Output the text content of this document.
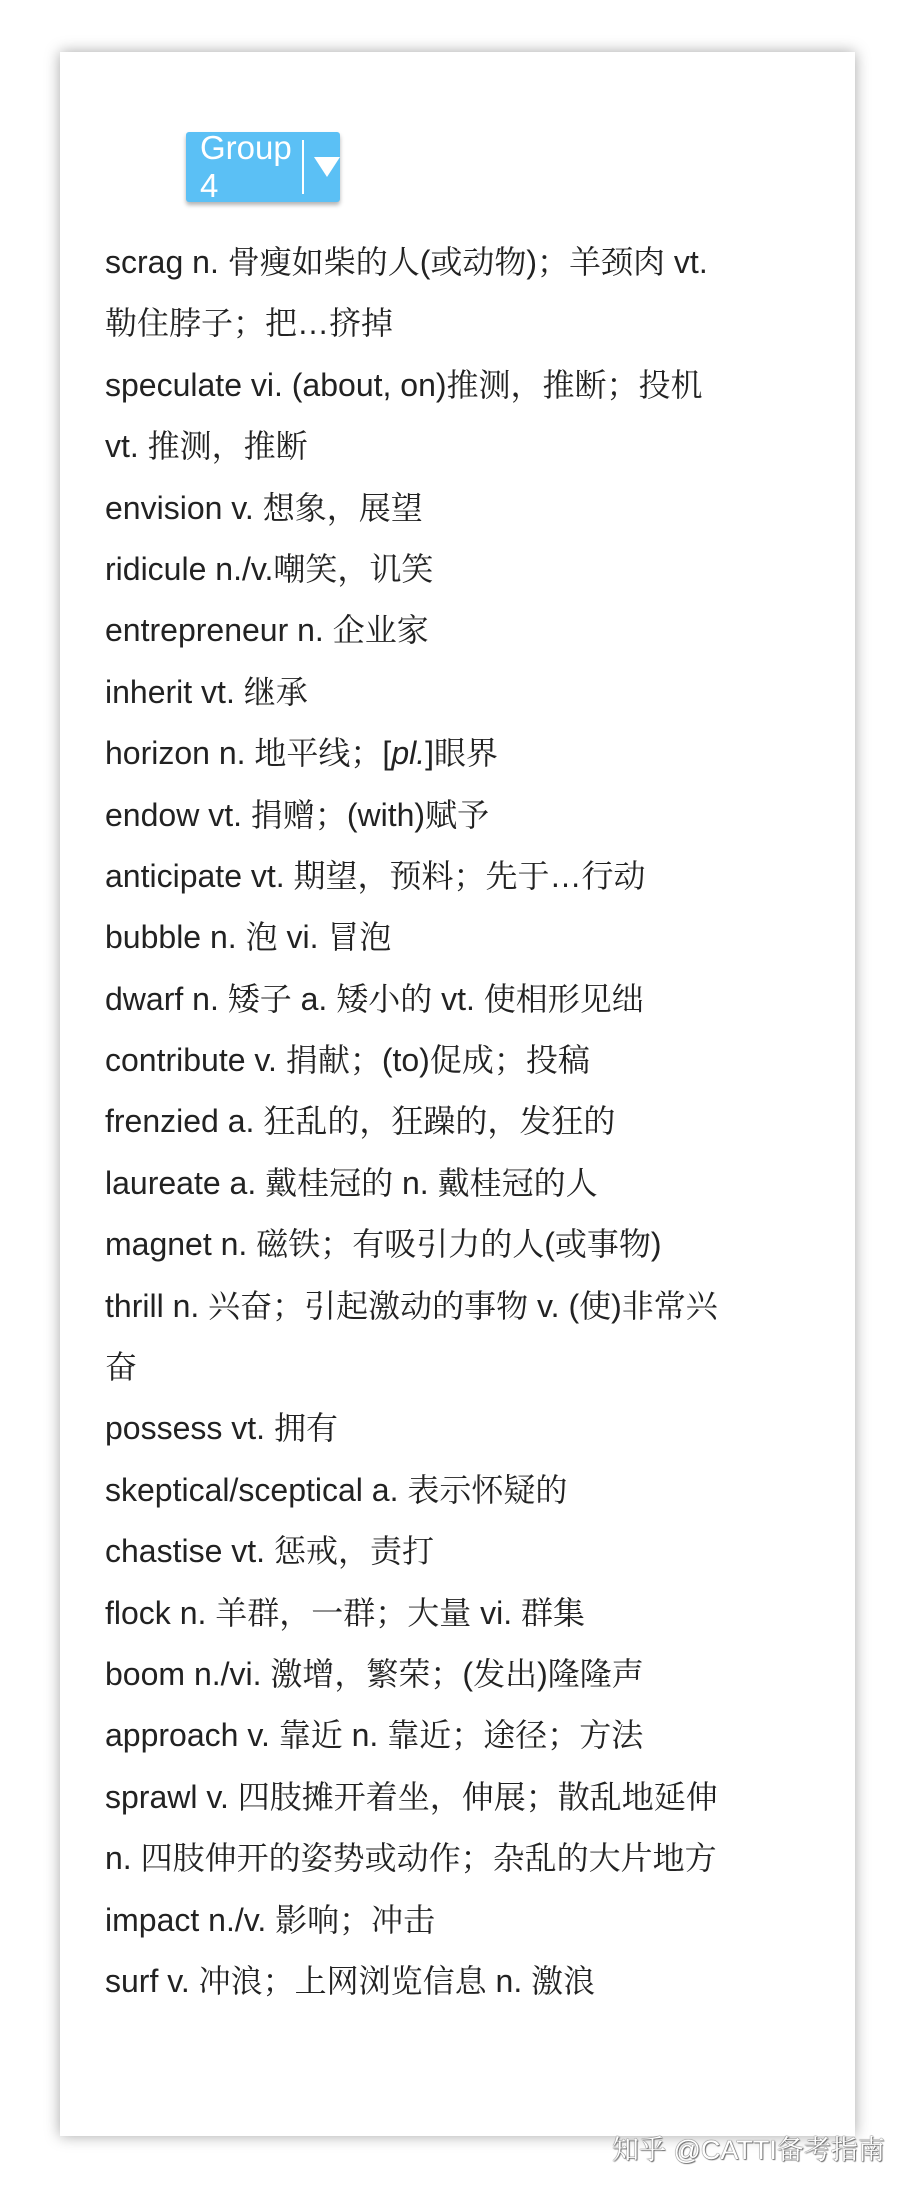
Group 4
scrag n. 骨瘦如柴的人(或动物)；羊颈肉 vt.
勒住脖子；把…挤掉
speculate vi. (about, on)推测，推断；投机
vt. 推测，推断
envision v. 想象，展望
ridicule n./v.嘲笑，讥笑
entrepreneur n. 企业家
inherit vt. 继承
horizon n. 地平线；[pl.]眼界
endow vt. 捐赠；(with)赋予
anticipate vt. 期望，预料；先于…行动
bubble n. 泡 vi. 冒泡
dwarf n. 矮子 a. 矮小的 vt. 使相形见绌
contribute v. 捐献；(to)促成；投稿
frenzied a. 狂乱的，狂躁的，发狂的
laureate a. 戴桂冠的 n. 戴桂冠的人
magnet n. 磁铁；有吸引力的人(或事物)
thrill n. 兴奋；引起激动的事物 v. (使)非常兴
奋
possess vt. 拥有
skeptical/sceptical a. 表示怀疑的
chastise vt. 惩戒，责打
flock n. 羊群，一群；大量 vi. 群集
boom n./vi. 激增，繁荣；(发出)隆隆声
approach v. 靠近 n. 靠近；途径；方法
sprawl v. 四肢摊开着坐，伸展；散乱地延伸
n. 四肢伸开的姿势或动作；杂乱的大片地方
impact n./v. 影响；冲击
surf v. 冲浪；上网浏览信息 n. 激浪
知乎 @CATTI备考指南
